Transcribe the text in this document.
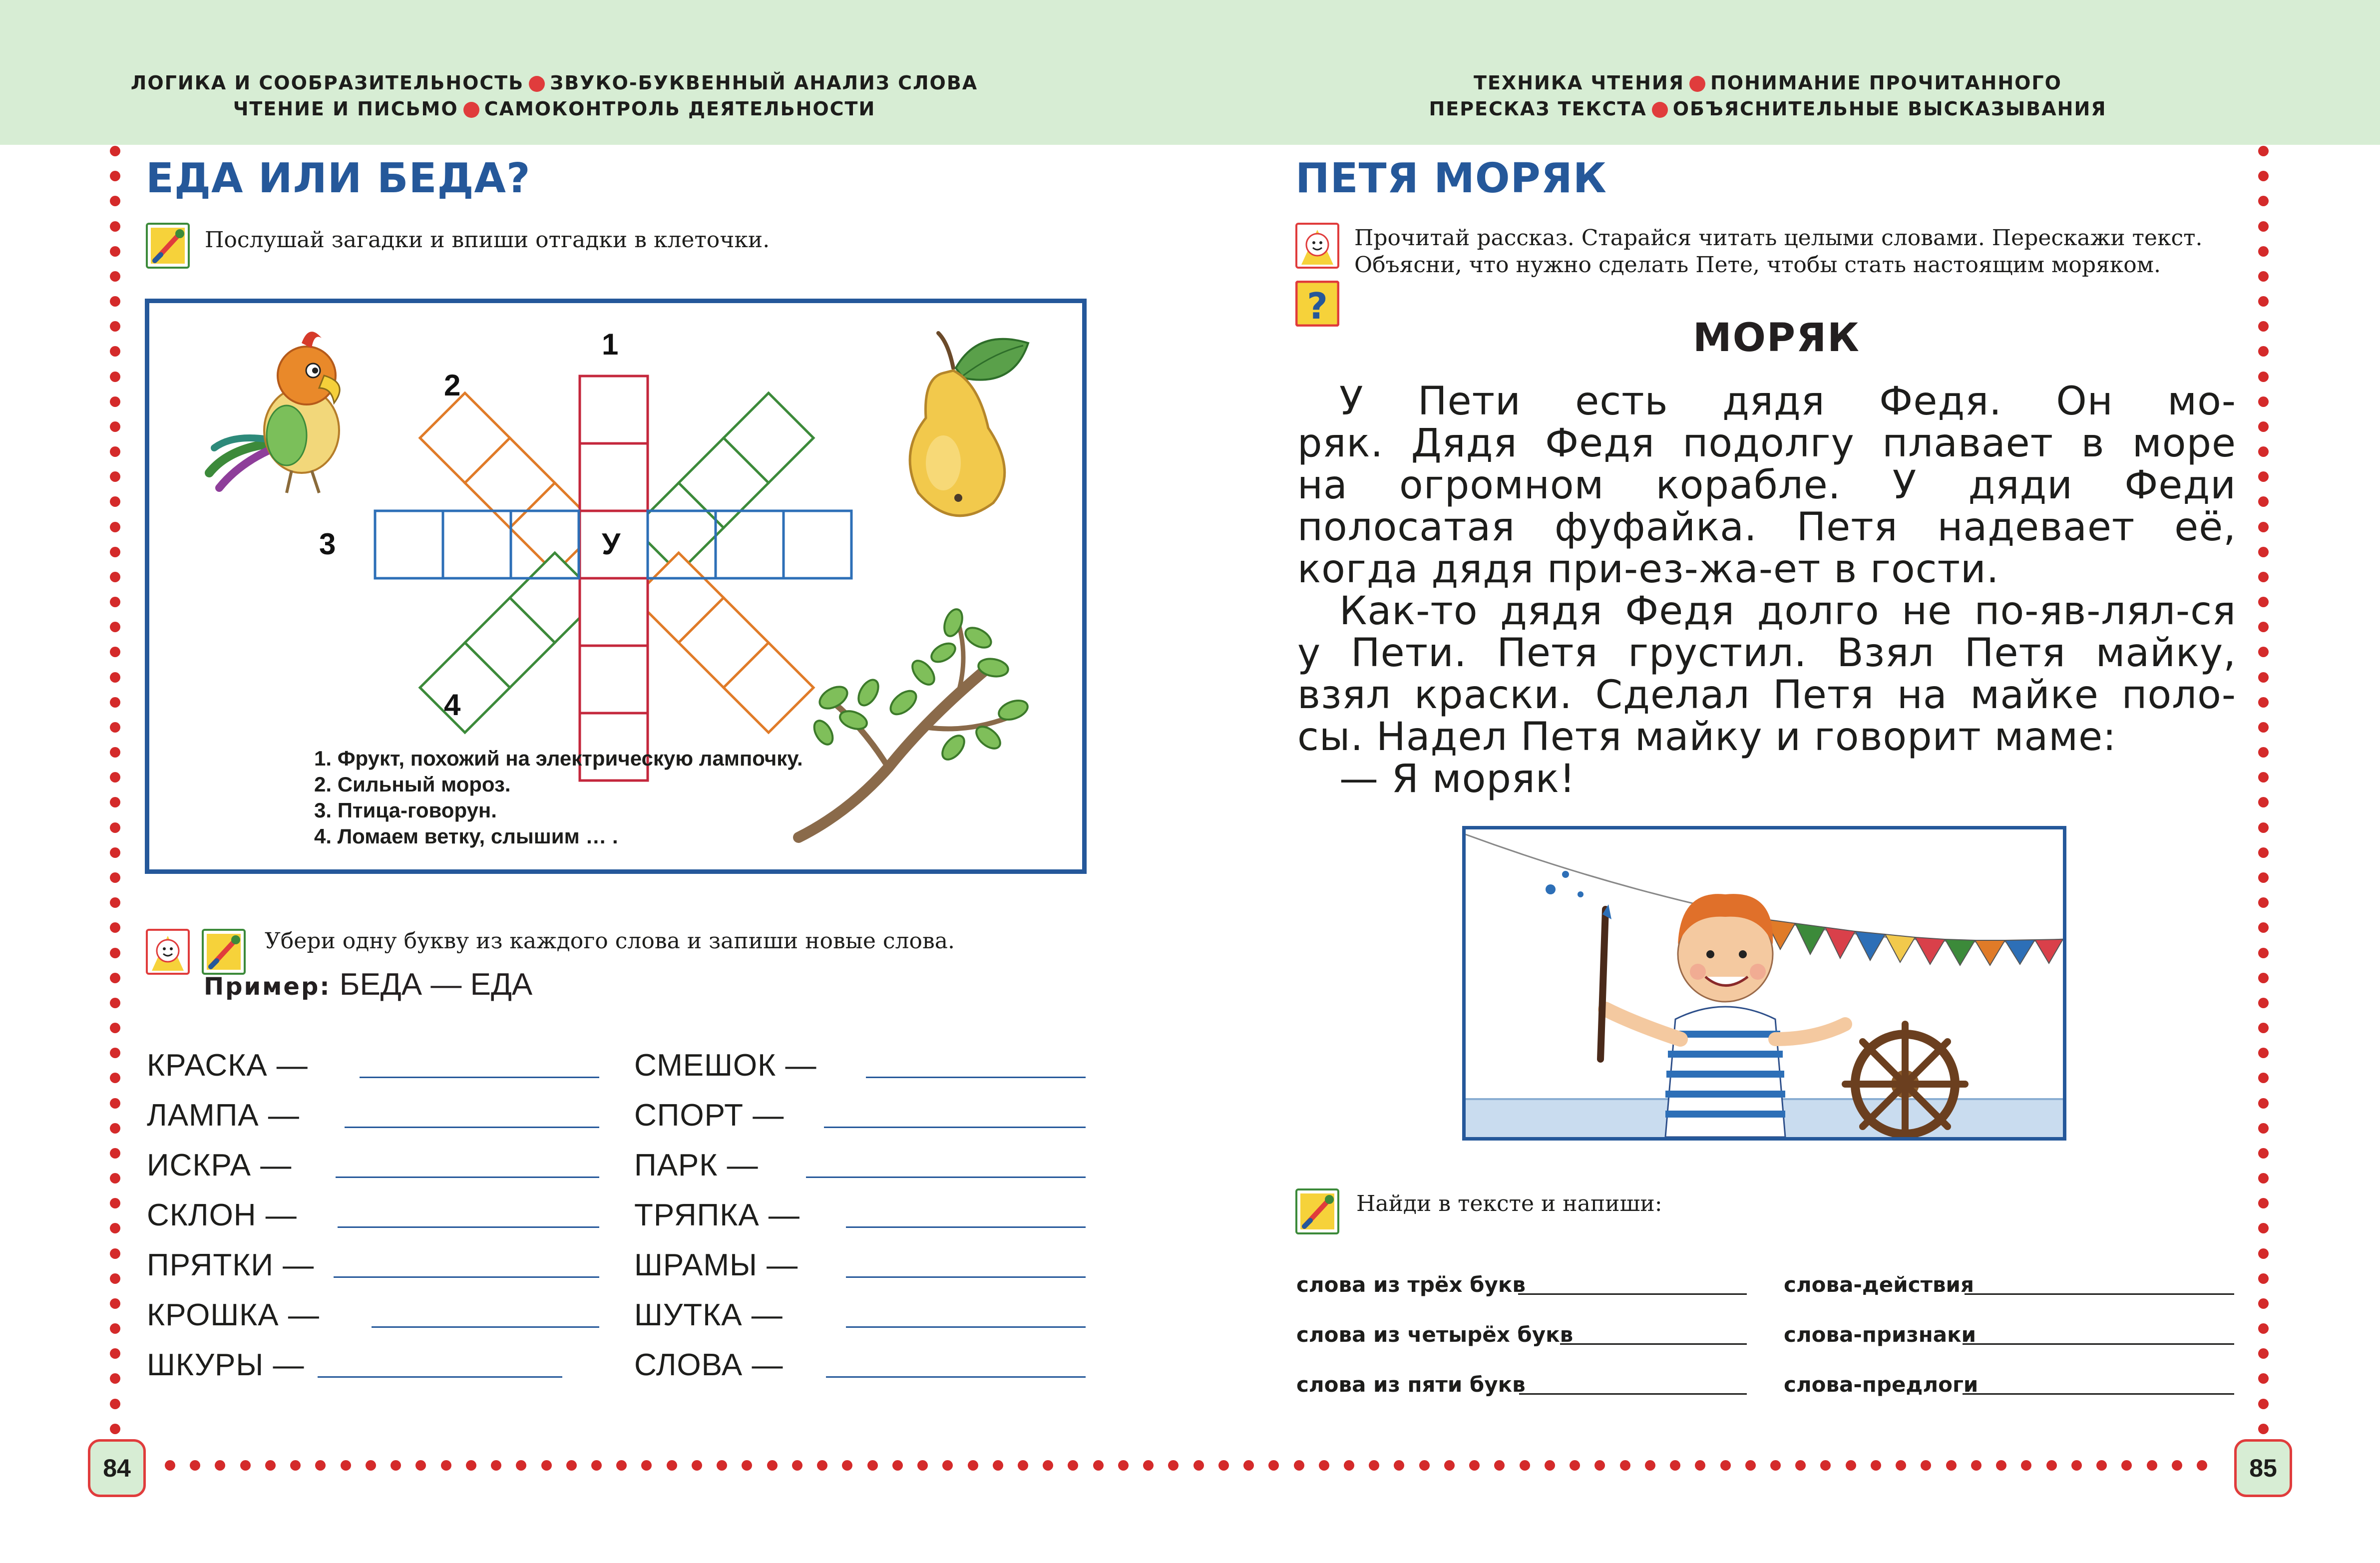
ЛОГИКА И СООБРАЗИТЕЛЬНОСТЬ ЗВУКО-БУКВЕННЫЙ АНАЛИЗ СЛОВА
ЧТЕНИЕ И ПИСЬМО САМОКОНТРОЛЬ ДЕЯТЕЛЬНОСТИ
ТЕХНИКА ЧТЕНИЯ ПОНИМАНИЕ ПРОЧИТАННОГО
ПЕРЕСКАЗ ТЕКСТА ОБЪЯСНИТЕЛЬНЫЕ ВЫСКАЗЫВАНИЯ
84	85
ЕДА ИЛИ БЕДА?
Послушай загадки и впиши отгадки в клеточки.
1
2
3
4
У
1. Фрукт, похожий на электрическую лампочку.
2. Сильный мороз.
3. Птица-говорун.
4. Ломаем ветку, слышим … .
Убери одну букву из каждого слова и запиши новые слова.
Пример: БЕДА — ЕДА
КРАСКА —
ЛАМПА —
ИСКРА —
СКЛОН —
ПРЯТКИ —
КРОШКА —
ШКУРЫ —
СМЕШОК —
СПОРТ —
ПАРК —
ТРЯПКА —
ШРАМЫ —
ШУТКА —
СЛОВА —
ПЕТЯ МОРЯК
?
Прочитай рассказ. Старайся читать целыми словами. Перескажи текст.
Объясни, что нужно сделать Пете, чтобы стать настоящим моряком.
МОРЯК
У Пети есть дядя Федя. Он мо-
ряк. Дядя Федя подолгу плавает в море
на огромном корабле. У дяди Феди
полосатая фуфайка. Петя надевает её,
когда дядя при-ез-жа-ет в гости.
Как-то дядя Федя долго не по-яв-лял-ся
у Пети. Петя грустил. Взял Петя майку,
взял краски. Сделал Петя на майке поло-
сы. Надел Петя майку и говорит маме:
— Я моряк!
Найди в тексте и напиши:
слова из трёх букв
слова из четырёх букв
слова из пяти букв
слова-действия
слова-признаки
слова-предлоги
